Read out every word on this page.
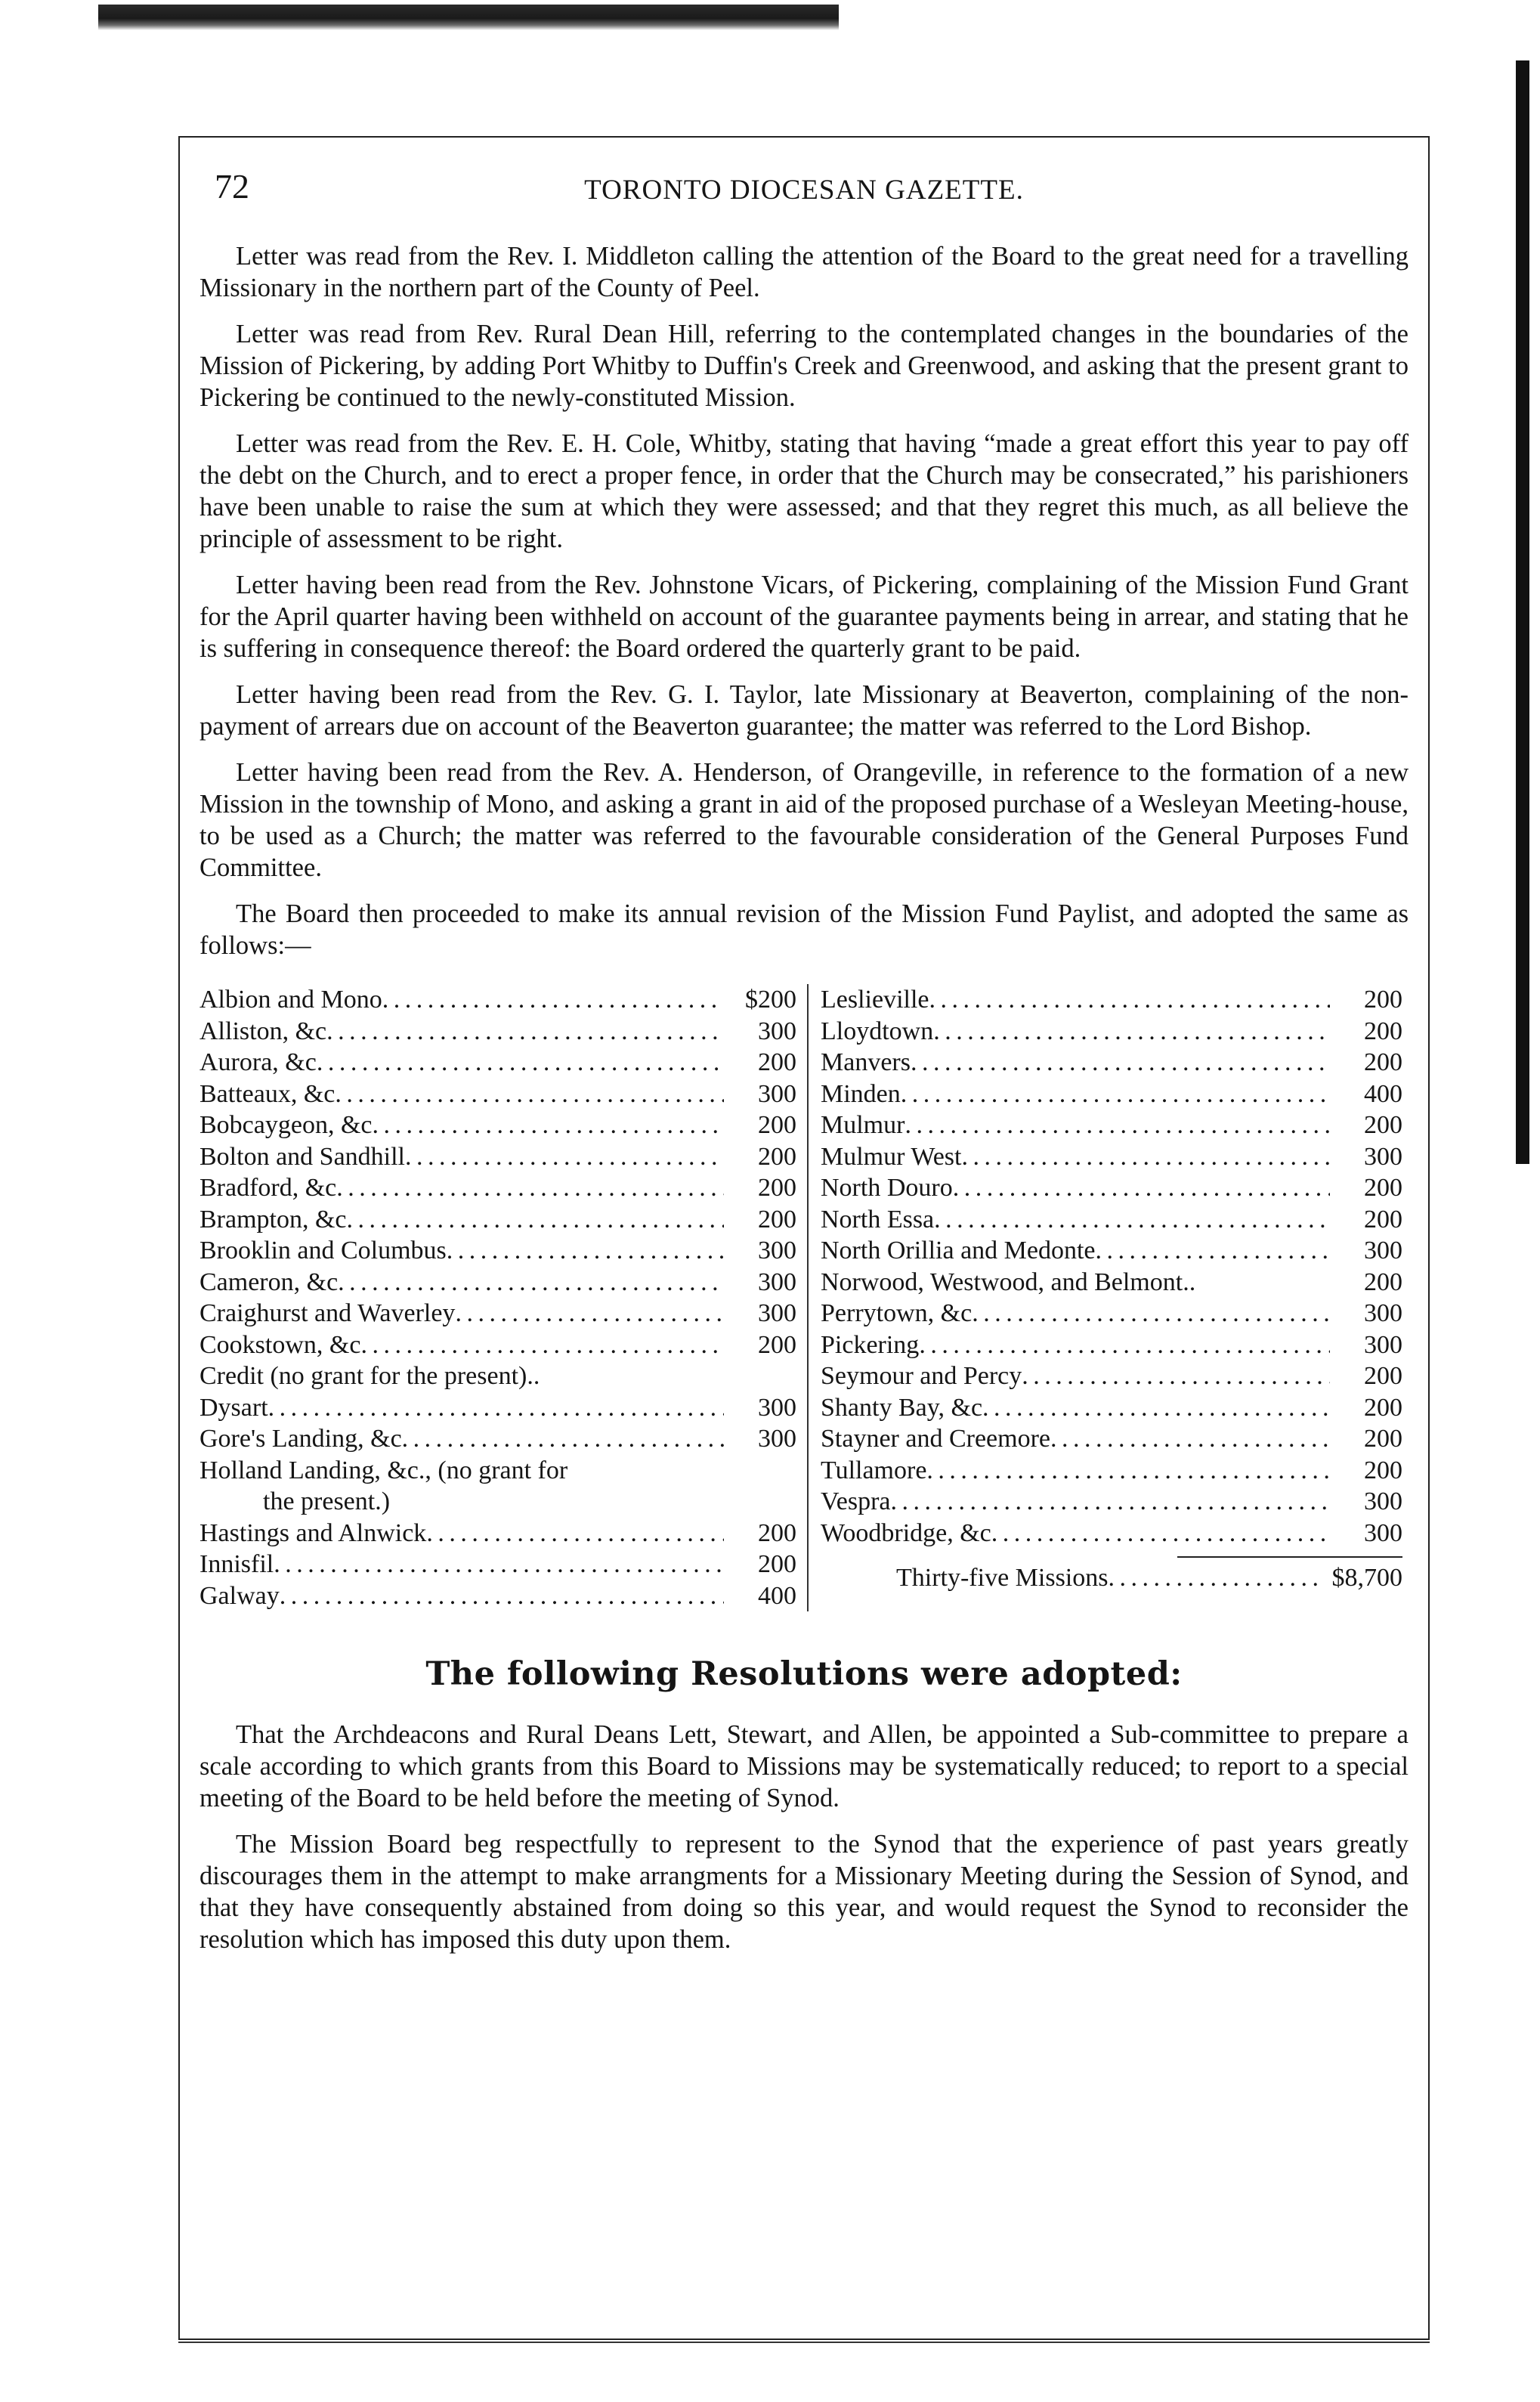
72	TORONTO DIOCESAN GAZETTE.

Letter was read from the Rev. I. Middleton calling the attention of the Board to the great need for a travelling Missionary in the northern part of the County of Peel.

Letter was read from Rev. Rural Dean Hill, referring to the contemplated changes in the boundaries of the Mission of Pickering, by adding Port Whitby to Duffin's Creek and Greenwood, and asking that the present grant to Pickering be continued to the newly-constituted Mission.

Letter was read from the Rev. E. H. Cole, Whitby, stating that having “made a great effort this year to pay off the debt on the Church, and to erect a proper fence, in order that the Church may be consecrated,” his parishioners have been unable to raise the sum at which they were assessed; and that they regret this much, as all believe the principle of assessment to be right.

Letter having been read from the Rev. Johnstone Vicars, of Pickering, complaining of the Mission Fund Grant for the April quarter having been withheld on account of the guarantee payments being in arrear, and stating that he is suffering in consequence thereof: the Board ordered the quarterly grant to be paid.

Letter having been read from the Rev. G. I. Taylor, late Missionary at Beaverton, complaining of the non-payment of arrears due on account of the Beaverton guarantee; the matter was referred to the Lord Bishop.

Letter having been read from the Rev. A. Henderson, of Orangeville, in reference to the formation of a new Mission in the township of Mono, and asking a grant in aid of the proposed purchase of a Wesleyan Meeting-house, to be used as a Church; the matter was referred to the favourable consideration of the General Purposes Fund Committee.

The Board then proceeded to make its annual revision of the Mission Fund Paylist, and adopted the same as follows:—

Albion and Mono . . .	$200
Alliston, &c . . .	300
Aurora, &c . . .	200
Batteaux, &c . . .	300
Bobcaygeon, &c . . .	200
Bolton and Sandhill . . .	200
Bradford, &c . . .	200
Brampton, &c . . .	200
Brooklin and Columbus . . .	300
Cameron, &c . . .	300
Craighurst and Waverley . . .	300
Cookstown, &c . . .	200
Credit (no grant for the present)..
Dysart . . .	300
Gore's Landing, &c . . .	300
Holland Landing, &c., (no grant for
the present.)
Hastings and Alnwick . . .	200
Innisfil . . .	200
Galway . . .	400
Leslieville . . .	200
Lloydtown . . .	200
Manvers . . .	200
Minden . . .	400
Mulmur . . .	200
Mulmur West . . .	300
North Douro . . .	200
North Essa . . .	200
North Orillia and Medonte . . .	300
Norwood, Westwood, and Belmont..	200
Perrytown, &c . . .	300
Pickering . . .	300
Seymour and Percy . . .	200
Shanty Bay, &c . . .	200
Stayner and Creemore . . .	200
Tullamore . . .	200
Vespra . . .	300
Woodbridge, &c . . .	300
Thirty-five Missions . . .	$8,700
The following Resolutions were adopted:

That the Archdeacons and Rural Deans Lett, Stewart, and Allen, be appointed a Sub-committee to prepare a scale according to which grants from this Board to Missions may be systematically reduced; to report to a special meeting of the Board to be held before the meeting of Synod.

The Mission Board beg respectfully to represent to the Synod that the experience of past years greatly discourages them in the attempt to make arrangments for a Missionary Meeting during the Session of Synod, and that they have consequently abstained from doing so this year, and would request the Synod to reconsider the resolution which has imposed this duty upon them.
